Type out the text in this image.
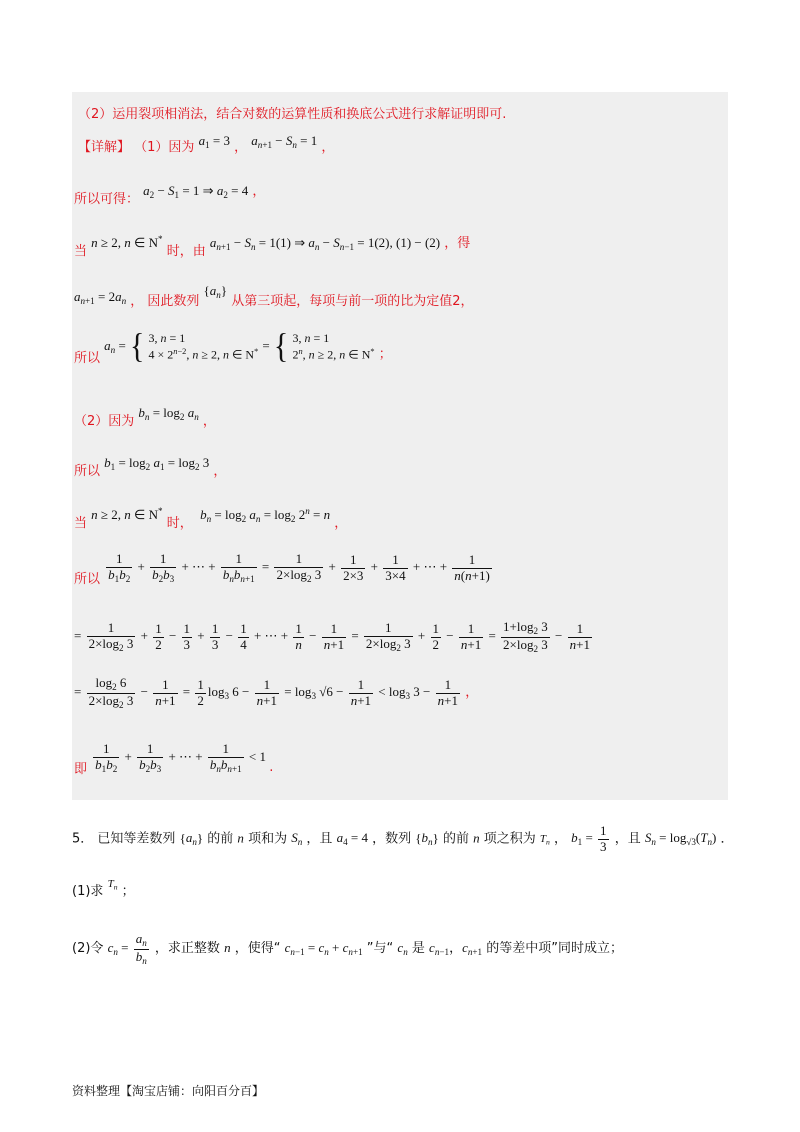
（2）运用裂项相消法，结合对数的运算性质和换底公式进行求解证明即可.
【详解】 （1）因为 $a_1 = 3$ ， $a_{n+1} - S_n = 1$ ，
所以可得： $a_2 - S_1 = 1$ ⇒ $a_2 = 4$ ，
当 n ≥ 2, n ∈ N* 时，由 $a_{n+1} - S_n = 1(1)$ ⇒ $a_n - S_{n-1} = 1(2)$, (1) − (2) ，得
$a_{n+1} = 2a_n$ ， 因此数列 $\{a_n\}$ 从第三项起，每项与前一项的比为定值2，
所以 $a_n$ = { 3, n = 1
$4 \times 2^{n-2}$, n ≥ 2, n ∈ N* = { 3, n = 1
2$^n$, n ≥ 2, n ∈ N* ；
（2）因为 $b_n = \log_2 a_n$ ，
所以 $b_1 = \log_2 a_1 = \log_2 3$ ，
当 n ≥ 2, n ∈ N* 时，  $b_n = \log_2 a_n = \log_2 2^n = n$ ，
所以 $\frac{1}{b_1b_2} + \frac{1}{b_2b_3}$ + ⋯ + $\frac{1}{b_nb_{n+1}} = \frac{1}{2\times\log_2 3} + \frac{1}{2\times 3} + \frac{1}{3\times 4}$ + ⋯ + $\frac{1}{n(n+1)}$
= $\frac{1}{2\times\log_2 3} + \frac{1}{2} - \frac{1}{3} + \frac{1}{3} - \frac{1}{4}$ + ⋯ + $\frac{1}{n} - \frac{1}{n+1} = \frac{1}{2\times\log_2 3} + \frac{1}{2} - \frac{1}{n+1} = \frac{1+\log_2 3}{2\times\log_2 3} - \frac{1}{n+1}$
= $\frac{\log_2 6}{2\times\log_2 3} - \frac{1}{n+1} = \frac{1}{2} \log_3 6 - \frac{1}{n+1} = \log_3 √6 - \frac{1}{n+1} < \log_3 3 - \frac{1}{n+1}$ ，
即 $\frac{1}{b_1b_2} + \frac{1}{b_2b_3}$ + ⋯ + $\frac{1}{b_nb_{n+1}} < 1$ .
5． 已知等差数列 $\{a_n\}$ 的前 n 项和为 $S_n$ ，且 $a_4 = 4$ ，数列 $\{b_n\}$ 的前 n 项之积为 $T_n$ ， $b_1 = \frac{1}{3}$ ，且 $S_n = \log_{√3}(T_n)$ ．
(1)求 $^{T_n}$ ；
(2)令 $c_n = \frac{a_n}{b_n}$ ，求正整数 n ，使得“ $c_{n-1} = c_n + c_{n+1}$ ”与“ $c_n$ 是 $c_{n-1}$，$c_{n+1}$ 的等差中项”同时成立；
资料整理【淘宝店铺：向阳百分百】
